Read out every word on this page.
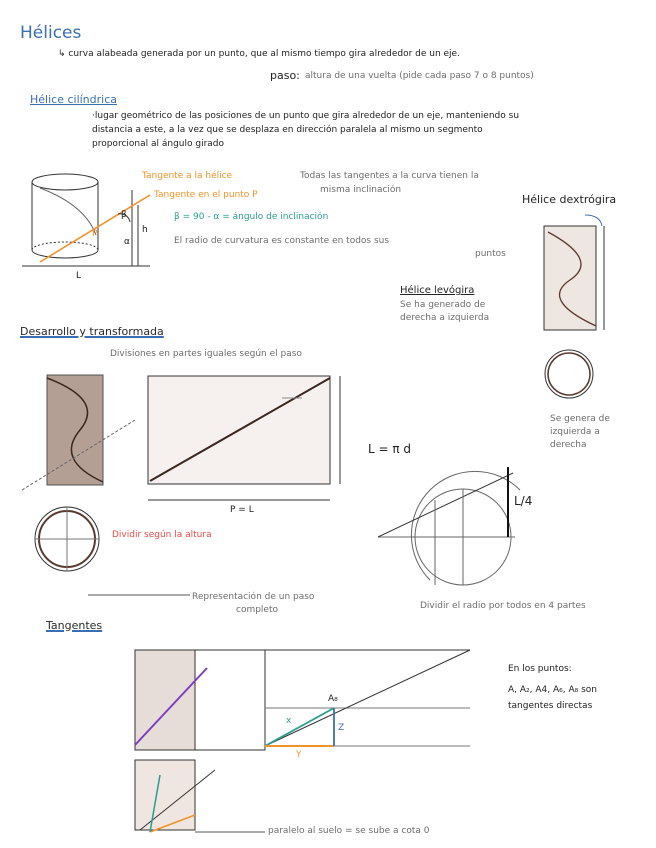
Hélices
↳ curva alabeada generada por un punto, que al mismo tiempo gira alrededor de un eje.
paso: altura de una vuelta (pide cada paso 7 o 8 puntos)
Hélice cilíndrica
·lugar geométrico de las posiciones de un punto que gira alrededor de un eje, manteniendo su
distancia a este, a la vez que se desplaza en dirección paralela al mismo un segmento
proporcional al ángulo girado
Tangente a la hélice
Tangente en el punto P
Todas las tangentes a la curva tienen la
misma inclinación
β = 90 - α = ángulo de inclinación
El radio de curvatura es constante en todos sus
puntos
P
β
α
h
L
Hélice dextrógira
Se genera de
izquierda a
derecha
Hélice levógira
Se ha generado de
derecha a izquierda
Desarrollo y transformada
Divisiones en partes iguales según el paso
Dividir según la altura
Representación de un paso
completo
L = π d
P = L
L/4
Dividir el radio por todos en 4 partes
Tangentes
En los puntos:
A, A₂, A4, A₆, A₈ son
tangentes directas
paralelo al suelo = se sube a cota 0
A₈
x
Y
Z
